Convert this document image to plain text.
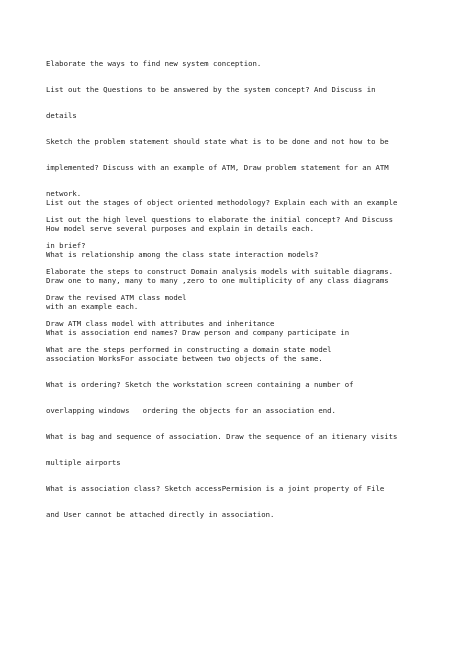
Elaborate the ways to find new system conception.

List out the Questions to be answered by the system concept? And Discuss in

details

Sketch the problem statement should state what is to be done and not how to be

implemented? Discuss with an example of ATM, Draw problem statement for an ATM

network.

List out the high level questions to elaborate the initial concept? And Discuss

in brief?

Elaborate the steps to construct Domain analysis models with suitable diagrams.

Draw the revised ATM class model

Draw ATM class model with attributes and inheritance

What are the steps performed in constructing a domain state model

List out the stages of object oriented methodology? Explain each with an example

How model serve several purposes and explain in details each.

What is relationship among the class state interaction models?

Draw one to many, many to many ,zero to one multiplicity of any class diagrams

with an example each.

What is association end names? Draw person and company participate in

association WorksFor associate between two objects of the same.

What is ordering? Sketch the workstation screen containing a number of

overlapping windows   ordering the objects for an association end.

What is bag and sequence of association. Draw the sequence of an itienary visits

multiple airports

What is association class? Sketch accessPermision is a joint property of File

and User cannot be attached directly in association.
